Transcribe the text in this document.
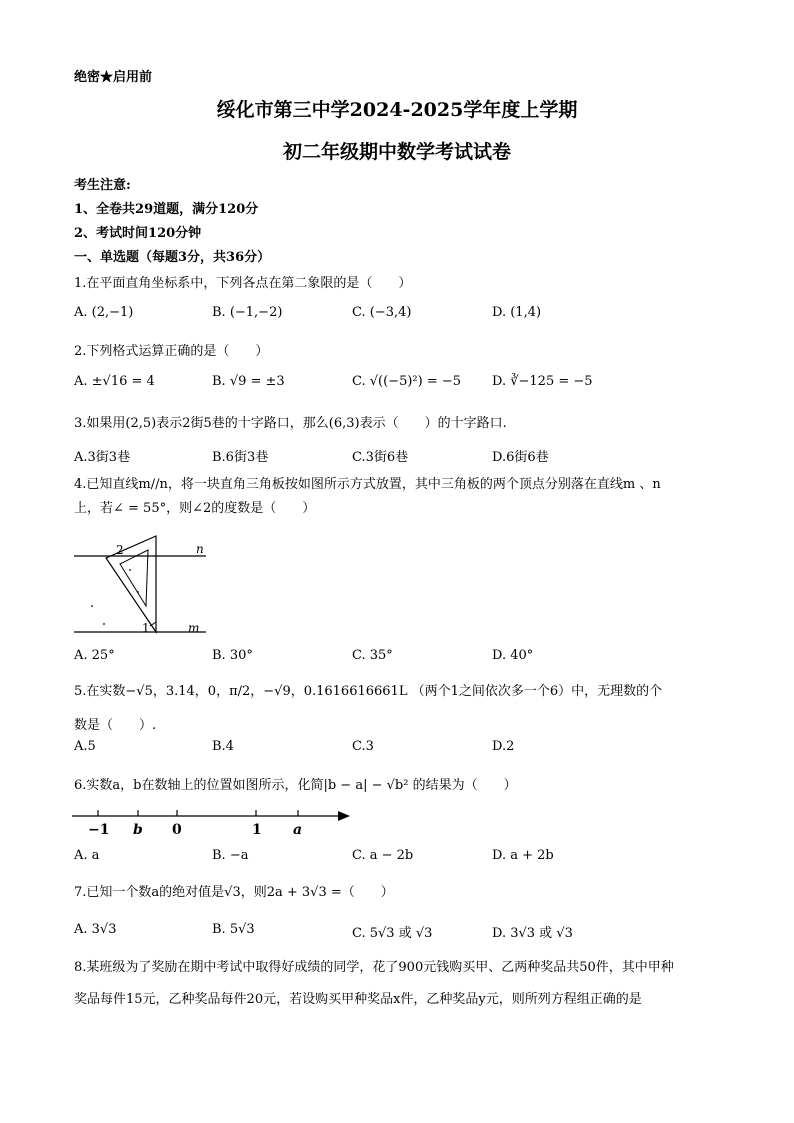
绝密★启用前
绥化市第三中学2024-2025学年度上学期
初二年级期中数学考试试卷
考生注意:
1、全卷共29道题，满分120分
2、考试时间120分钟
一、单选题（每题3分，共36分）
1.在平面直角坐标系中，下列各点在第二象限的是（　　）
A. (2,−1)	B. (−1,−2)	C. (−3,4)	D. (1,4)
2.下列格式运算正确的是（　　）
A. ±√16 = 4	B. √9 = ±3	C. √((−5)²) = −5 D. ∛−125 = −5
3.如果用(2,5)表示2街5巷的十字路口，那么(6,3)表示（　　）的十字路口.
A.3街3巷	B.6街3巷	C.3街6巷	D.6街6巷
4.已知直线m//n，将一块直角三角板按如图所示方式放置，其中三角板的两个顶点分别落在直线m 、n
上，若∠ = 55°，则∠2的度数是（　　）
2
1
n
m
A. 25°	B. 30°	C. 35°	D. 40°
5.在实数−√5，3.14，0，π/2，−√9，0.1616616661L （两个1之间依次多一个6）中，无理数的个
数是（　　）.
A.5	B.4	C.3	D.2
6.实数a，b在数轴上的位置如图所示，化简|b − a| − √b² 的结果为（　　）
−1 b 0	1 a
A. a	B. −a	C. a − 2b	D. a + 2b
7.已知一个数a的绝对值是√3，则2a + 3√3 =（　　）
A. 3√3	B. 5√3	C. 5√3 或 √3	D. 3√3 或 √3
8.某班级为了奖励在期中考试中取得好成绩的同学，花了900元钱购买甲、乙两种奖品共50件，其中甲种
奖品每件15元，乙种奖品每件20元，若设购买甲种奖品x件，乙种奖品y元，则所列方程组正确的是
